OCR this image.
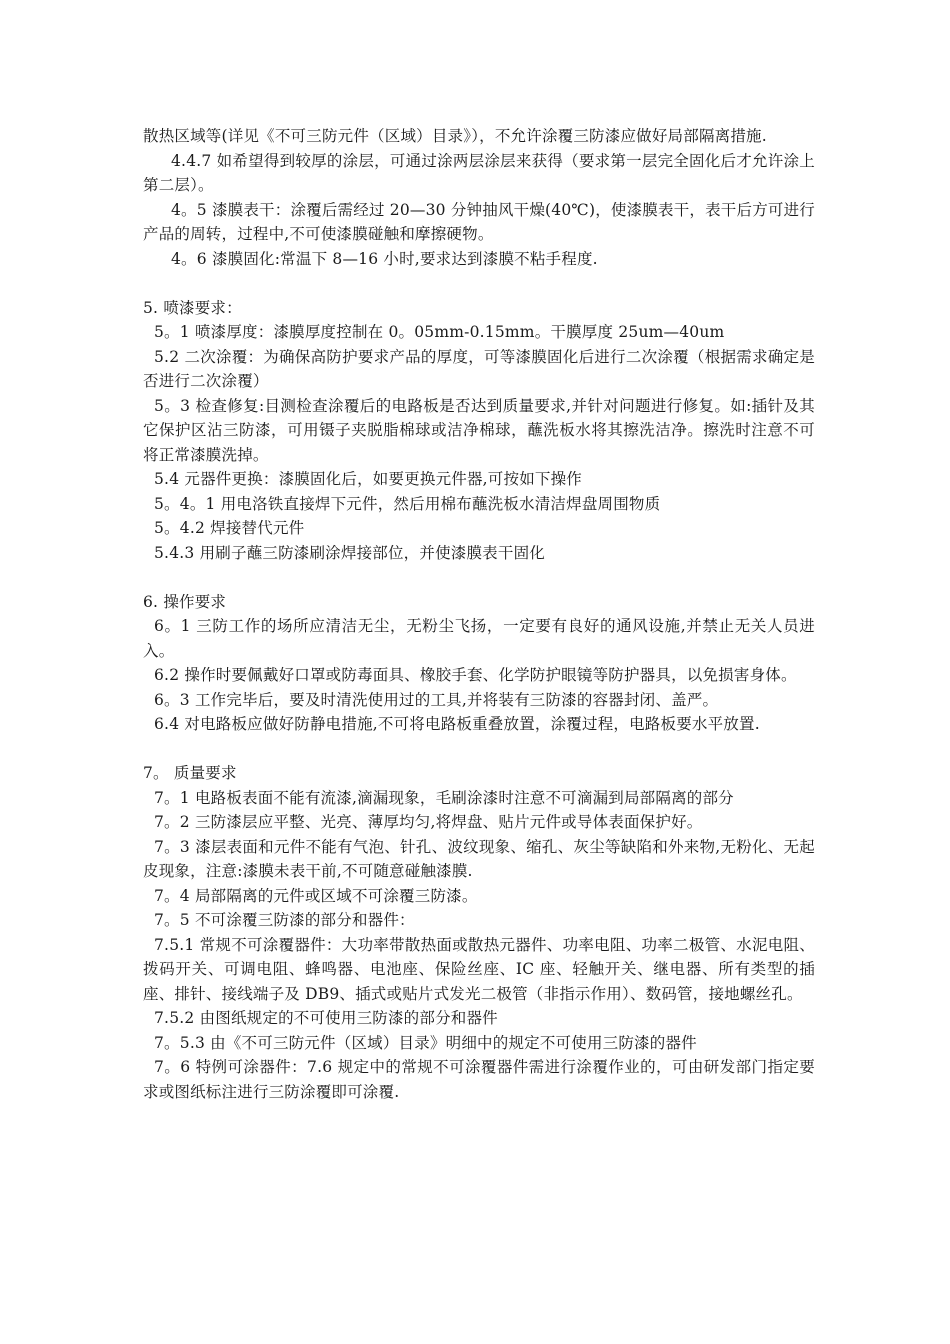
散热区域等(详见《不可三防元件（区域）目录》），不允许涂覆三防漆应做好局部隔离措施.

4.4.7 如希望得到较厚的涂层，可通过涂两层涂层来获得（要求第一层完全固化后才允许涂上第二层）。

4。5 漆膜表干：涂覆后需经过 20—30 分钟抽风干燥(40℃)，使漆膜表干，表干后方可进行产品的周转，过程中,不可使漆膜碰触和摩擦硬物。

4。6 漆膜固化:常温下 8—16 小时,要求达到漆膜不粘手程度.

5. 喷漆要求：

5。1 喷漆厚度：漆膜厚度控制在 0。05mm-0.15mm。干膜厚度 25um—40um

5.2 二次涂覆：为确保高防护要求产品的厚度，可等漆膜固化后进行二次涂覆（根据需求确定是否进行二次涂覆）

5。3 检查修复:目测检查涂覆后的电路板是否达到质量要求,并针对问题进行修复。如:插针及其它保护区沾三防漆，可用镊子夹脱脂棉球或洁净棉球，蘸洗板水将其擦洗洁净。擦洗时注意不可将正常漆膜洗掉。

5.4 元器件更换：漆膜固化后，如要更换元件器,可按如下操作

5。4。1 用电洛铁直接焊下元件，然后用棉布蘸洗板水清洁焊盘周围物质

5。4.2 焊接替代元件

5.4.3 用刷子蘸三防漆刷涂焊接部位，并使漆膜表干固化

6. 操作要求

6。1 三防工作的场所应清洁无尘，无粉尘飞扬，一定要有良好的通风设施,并禁止无关人员进入。

6.2 操作时要佩戴好口罩或防毒面具、橡胶手套、化学防护眼镜等防护器具，以免损害身体。

6。3 工作完毕后，要及时清洗使用过的工具,并将装有三防漆的容器封闭、盖严。

6.4 对电路板应做好防静电措施,不可将电路板重叠放置，涂覆过程，电路板要水平放置.

7。 质量要求

7。1 电路板表面不能有流漆,滴漏现象，毛刷涂漆时注意不可滴漏到局部隔离的部分

7。2 三防漆层应平整、光亮、薄厚均匀,将焊盘、贴片元件或导体表面保护好。

7。3 漆层表面和元件不能有气泡、针孔、波纹现象、缩孔、灰尘等缺陷和外来物,无粉化、无起皮现象，注意:漆膜未表干前,不可随意碰触漆膜.

7。4 局部隔离的元件或区域不可涂覆三防漆。

7。5 不可涂覆三防漆的部分和器件：

7.5.1 常规不可涂覆器件：大功率带散热面或散热元器件、功率电阻、功率二极管、水泥电阻、拨码开关、可调电阻、蜂鸣器、电池座、保险丝座、IC 座、轻触开关、继电器、所有类型的插座、排针、接线端子及 DB9、插式或贴片式发光二极管（非指示作用）、数码管，接地螺丝孔。

7.5.2 由图纸规定的不可使用三防漆的部分和器件

7。5.3 由《不可三防元件（区域）目录》明细中的规定不可使用三防漆的器件

7。6 特例可涂器件：7.6 规定中的常规不可涂覆器件需进行涂覆作业的，可由研发部门指定要求或图纸标注进行三防涂覆即可涂覆.
